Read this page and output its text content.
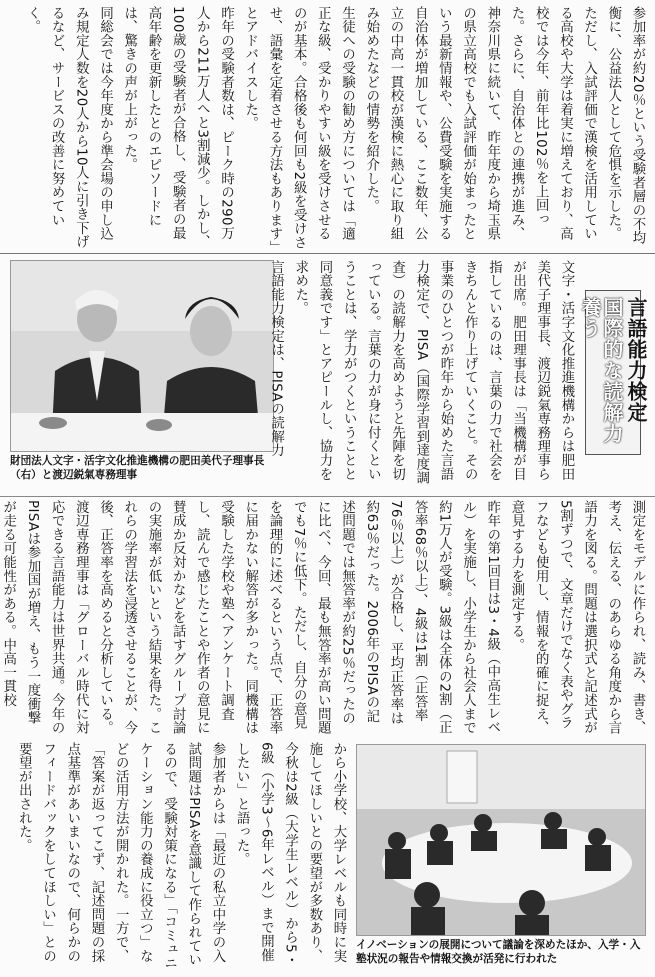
参加率が約20％という受験者層の不均衡に、公益法人として危惧を示した。
ただし、入試評価で漢検を活用している高校や大学は着実に増えており、高校では今年、前年比102％を上回った。さらに、自治体との連携が進み、神奈川県に続いて、昨年度から埼玉県の県立高校でも入試評価が始まったという最新情報や、公費受験を実施する自治体が増加している、ここ数年、公立の中高一貫校が漢検に熱心に取り組み始めたなどの情勢を紹介した。
生徒への受験の勧め方については「適正な級、受かりやすい級を受けさせるのが基本。合格後も何回も2級を受けさせ、語彙を定着させる方法もあります」とアドバイスした。
昨年の受験者数は、ピーク時の290万人から211万人へと3割減少。しかし、100歳の受験者が合格し、受験者の最高年齢を更新したとのエピソードには、驚きの声が上がった。
同総会では今年度から準会場の申し込み規定人数を20人から10人に引き下げるなど、サービスの改善に努めていく。
財団法人文字・活字文化推進機構の肥田美代子理事長（右）と渡辺鋭氣専務理事	文字・活字文化推進機構からは肥田美代子理事長、渡辺鋭氣専務理事らが出席。肥田理事長は「当機構が目指しているのは、言葉の力で社会をきちんと作り上げていくこと。その事業のひとつが昨年から始めた言語力検定で、PISA（国際学習到達度調査）の読解力を高めようと先陣を切っている。言葉の力が身に付くということは、学力がつくということと同意義です」とアピールし、協力を求めた。
言語能力検定は、PISAの読解力	言語能力検定
国際的な読解力養う
測定をモデルに作られ、読み、書き、考え、伝える、のあらゆる角度から言語力を図る。問題は選択式と記述式が5割ずつで、文章だけでなく表やグラフなども使用し、情報を的確に捉え、意見する力を測定する。
昨年の第1回目は3・4級（中高生レベル）を実施し、小学生から社会人まで約1万人が受験。3級は全体の2割（正答率68％以上）、4級は1割（正答率76％以上）が合格し、平均正答率は約63％だった。2006年のPISAの記述問題では無答率が約25％だったのに比べ、今回、最も無答率が高い問題でも7％に低下。ただし、自分の意見を論理的に述べるという点で、正答率に届かない解答が多かった。同機構は受験した学校や塾へアンケート調査し、読んで感じたことや作者の意見に賛成か反対かなどを話すグループ討論の実施率が低いという結果を得た。これらの学習法を浸透させることが、今後、正答率を高めると分析している。
渡辺専務理事は「グローバル時代に対応できる言語能力は世界共通。今年のPISAは参加国が増え、もう一度衝撃が走る可能性がある。中高一貫校
イノベーションの展開について議論を深めたほか、入学・入塾状況の報告や情報交換が活発に行われた
から小学校、大学レベルも同時に実施してほしいとの要望が多数あり、今秋は2級（大学生レベル）から5・6級（小学3～6年レベル）まで開催したい」と語った。
参加者からは「最近の私立中学の入試問題はPISAを意識して作られているので、受験対策になる」「コミュニケーション能力の養成に役立つ」などの活用方法が開かれた。一方で、「答案が返ってこず、記述問題の採点基準があいまいなので、何らかのフィードバックをしてほしい」との要望が出された。
